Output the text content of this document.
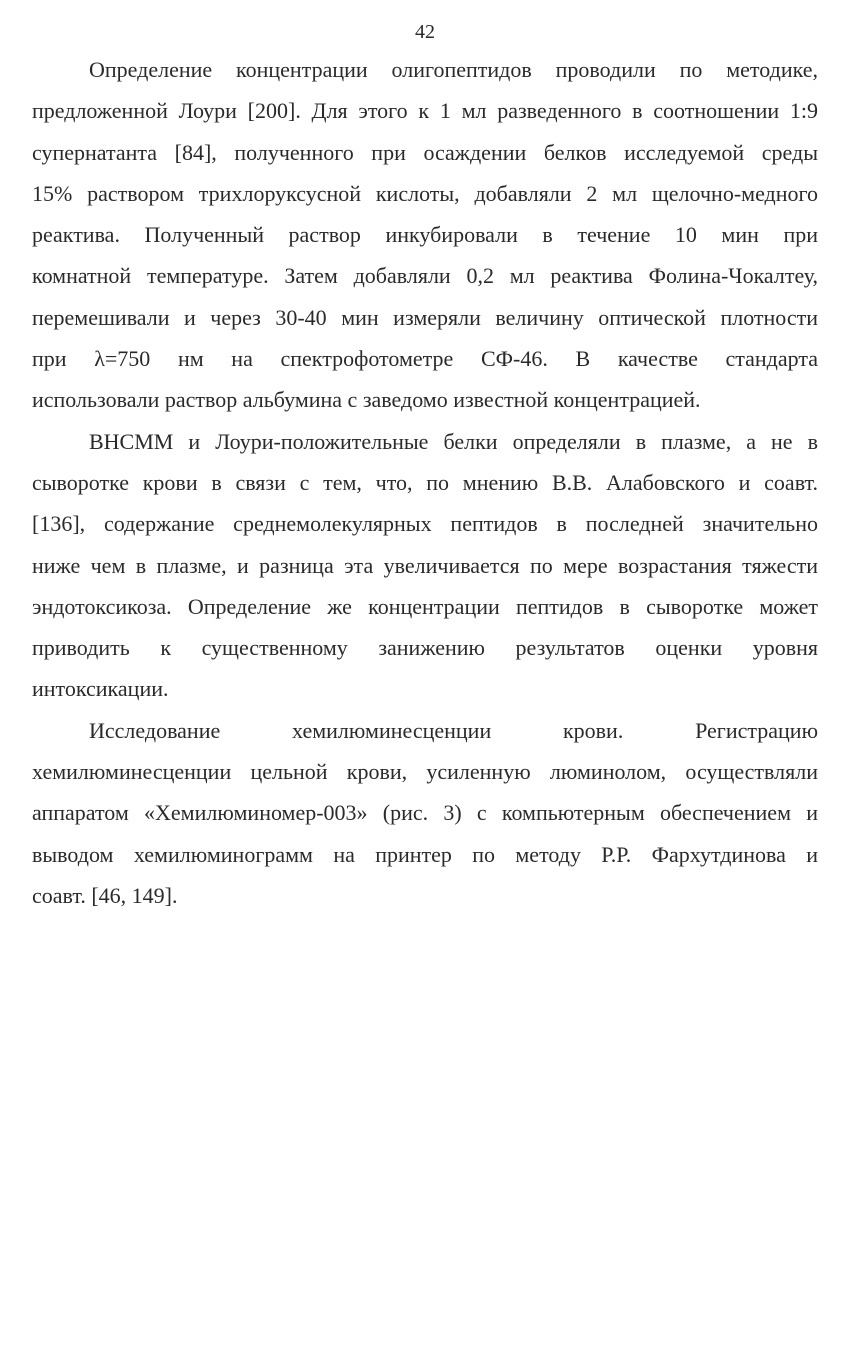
42

Определение концентрации олигопептидов проводили по методике,
предложенной Лоури [200]. Для этого к 1 мл разведенного в соотношении 1:9
супернатанта [84], полученного при осаждении белков исследуемой среды
15% раствором трихлоруксусной кислоты, добавляли 2 мл щелочно-медного
реактива. Полученный раствор инкубировали в течение 10 мин при
комнатной температуре. Затем добавляли 0,2 мл реактива Фолина-Чокалтеу,
перемешивали и через 30-40 мин измеряли величину оптической плотности
при λ=750 нм на спектрофотометре СФ-46. В качестве стандарта
использовали раствор альбумина с заведомо известной концентрацией.

ВНСММ и Лоури-положительные белки определяли в плазме, а не в
сыворотке крови в связи с тем, что, по мнению В.В. Алабовского и соавт.
[136], содержание среднемолекулярных пептидов в последней значительно
ниже чем в плазме, и разница эта увеличивается по мере возрастания тяжести
эндотоксикоза. Определение же концентрации пептидов в сыворотке может
приводить к существенному занижению результатов оценки уровня
интоксикации.

Исследование хемилюминесценции крови. Регистрацию
хемилюминесценции цельной крови, усиленную люминолом, осуществляли
аппаратом «Хемилюминомер-003» (рис. 3) с компьютерным обеспечением и
выводом хемилюминограмм на принтер по методу Р.Р. Фархутдинова и
соавт. [46, 149].
